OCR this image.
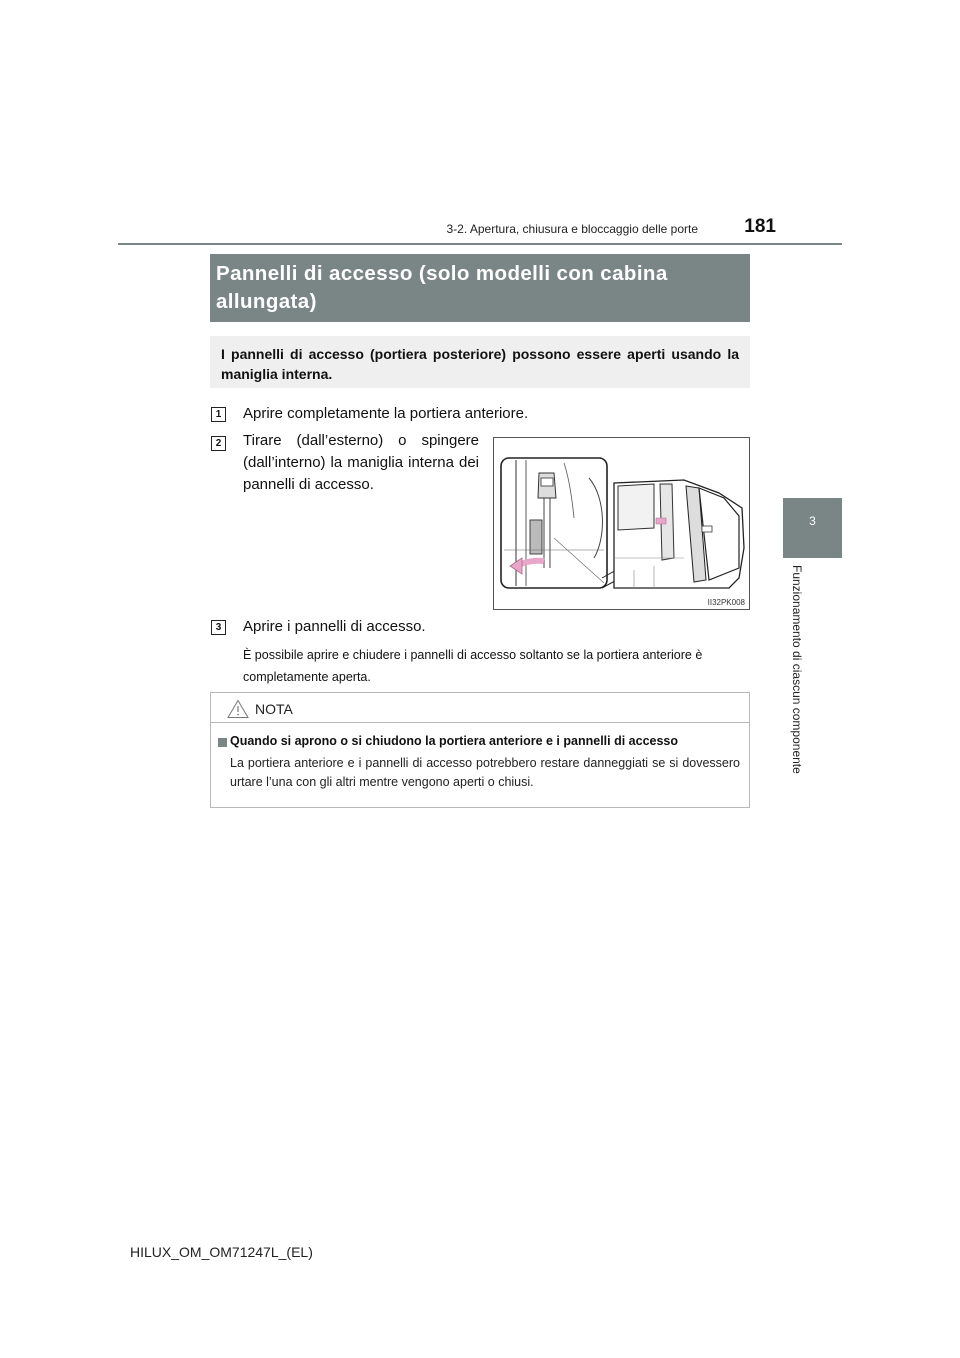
3-2. Apertura, chiusura e bloccaggio delle porte	181
3
Funzionamento di ciascun componente
Pannelli di accesso (solo modelli con cabina allungata)
I pannelli di accesso (portiera posteriore) possono essere aperti usando la maniglia interna.
1	Aprire completamente la portiera anteriore.
2	Tirare (dall’esterno) o spingere (dall’interno) la maniglia interna dei pannelli di accesso.
II32PK008
3	Aprire i pannelli di accesso.
È possibile aprire e chiudere i pannelli di accesso soltanto se la portiera anteriore è completamente aperta.
NOTA
Quando si aprono o si chiudono la portiera anteriore e i pannelli di accesso
La portiera anteriore e i pannelli di accesso potrebbero restare danneggiati se si dovessero urtare l’una con gli altri mentre vengono aperti o chiusi.
HILUX_OM_OM71247L_(EL)
